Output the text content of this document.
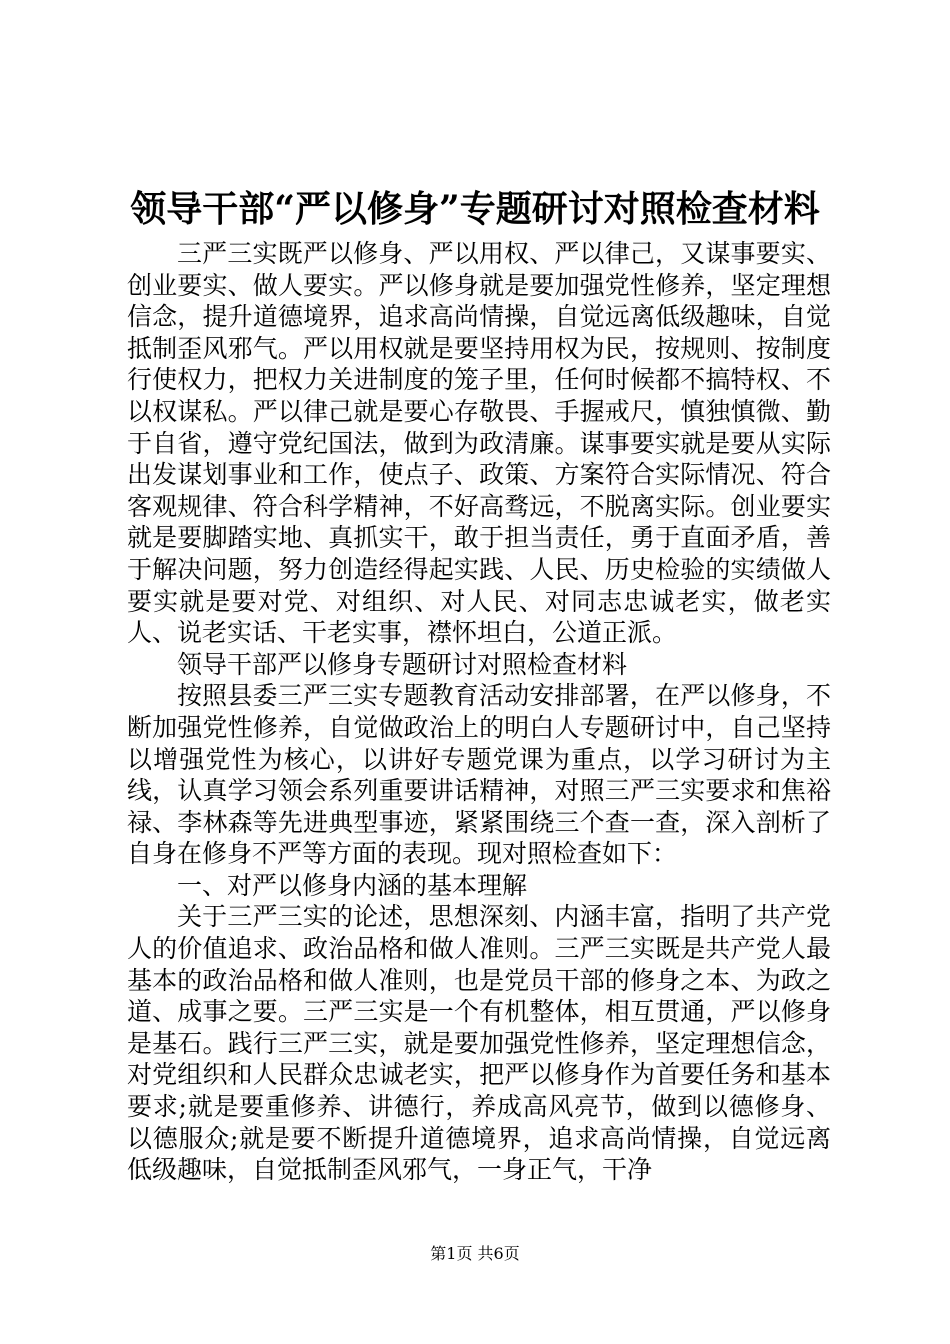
领导干部“严以修身”专题研讨对照检查材料

三严三实既严以修身、严以用权、严以律己，又谋事要实、创业要实、做人要实。严以修身就是要加强党性修养，坚定理想信念，提升道德境界，追求高尚情操，自觉远离低级趣味，自觉抵制歪风邪气。严以用权就是要坚持用权为民，按规则、按制度行使权力，把权力关进制度的笼子里，任何时候都不搞特权、不以权谋私。严以律己就是要心存敬畏、手握戒尺，慎独慎微、勤于自省，遵守党纪国法，做到为政清廉。谋事要实就是要从实际出发谋划事业和工作，使点子、政策、方案符合实际情况、符合客观规律、符合科学精神，不好高骛远，不脱离实际。创业要实就是要脚踏实地、真抓实干，敢于担当责任，勇于直面矛盾，善于解决问题，努力创造经得起实践、人民、历史检验的实绩做人要实就是要对党、对组织、对人民、对同志忠诚老实，做老实人、说老实话、干老实事，襟怀坦白，公道正派。

领导干部严以修身专题研讨对照检查材料

按照县委三严三实专题教育活动安排部署，在严以修身，不断加强党性修养，自觉做政治上的明白人专题研讨中，自己坚持以增强党性为核心，以讲好专题党课为重点，以学习研讨为主线，认真学习领会系列重要讲话精神，对照三严三实要求和焦裕禄、李林森等先进典型事迹，紧紧围绕三个查一查，深入剖析了自身在修身不严等方面的表现。现对照检查如下：

一、对严以修身内涵的基本理解

关于三严三实的论述，思想深刻、内涵丰富，指明了共产党人的价值追求、政治品格和做人准则。三严三实既是共产党人最基本的政治品格和做人准则，也是党员干部的修身之本、为政之道、成事之要。三严三实是一个有机整体，相互贯通，严以修身是基石。践行三严三实，就是要加强党性修养，坚定理想信念，对党组织和人民群众忠诚老实，把严以修身作为首要任务和基本要求;就是要重修养、讲德行，养成高风亮节，做到以德修身、以德服众;就是要不断提升道德境界，追求高尚情操，自觉远离低级趣味，自觉抵制歪风邪气，一身正气，干净

第1页 共6页
